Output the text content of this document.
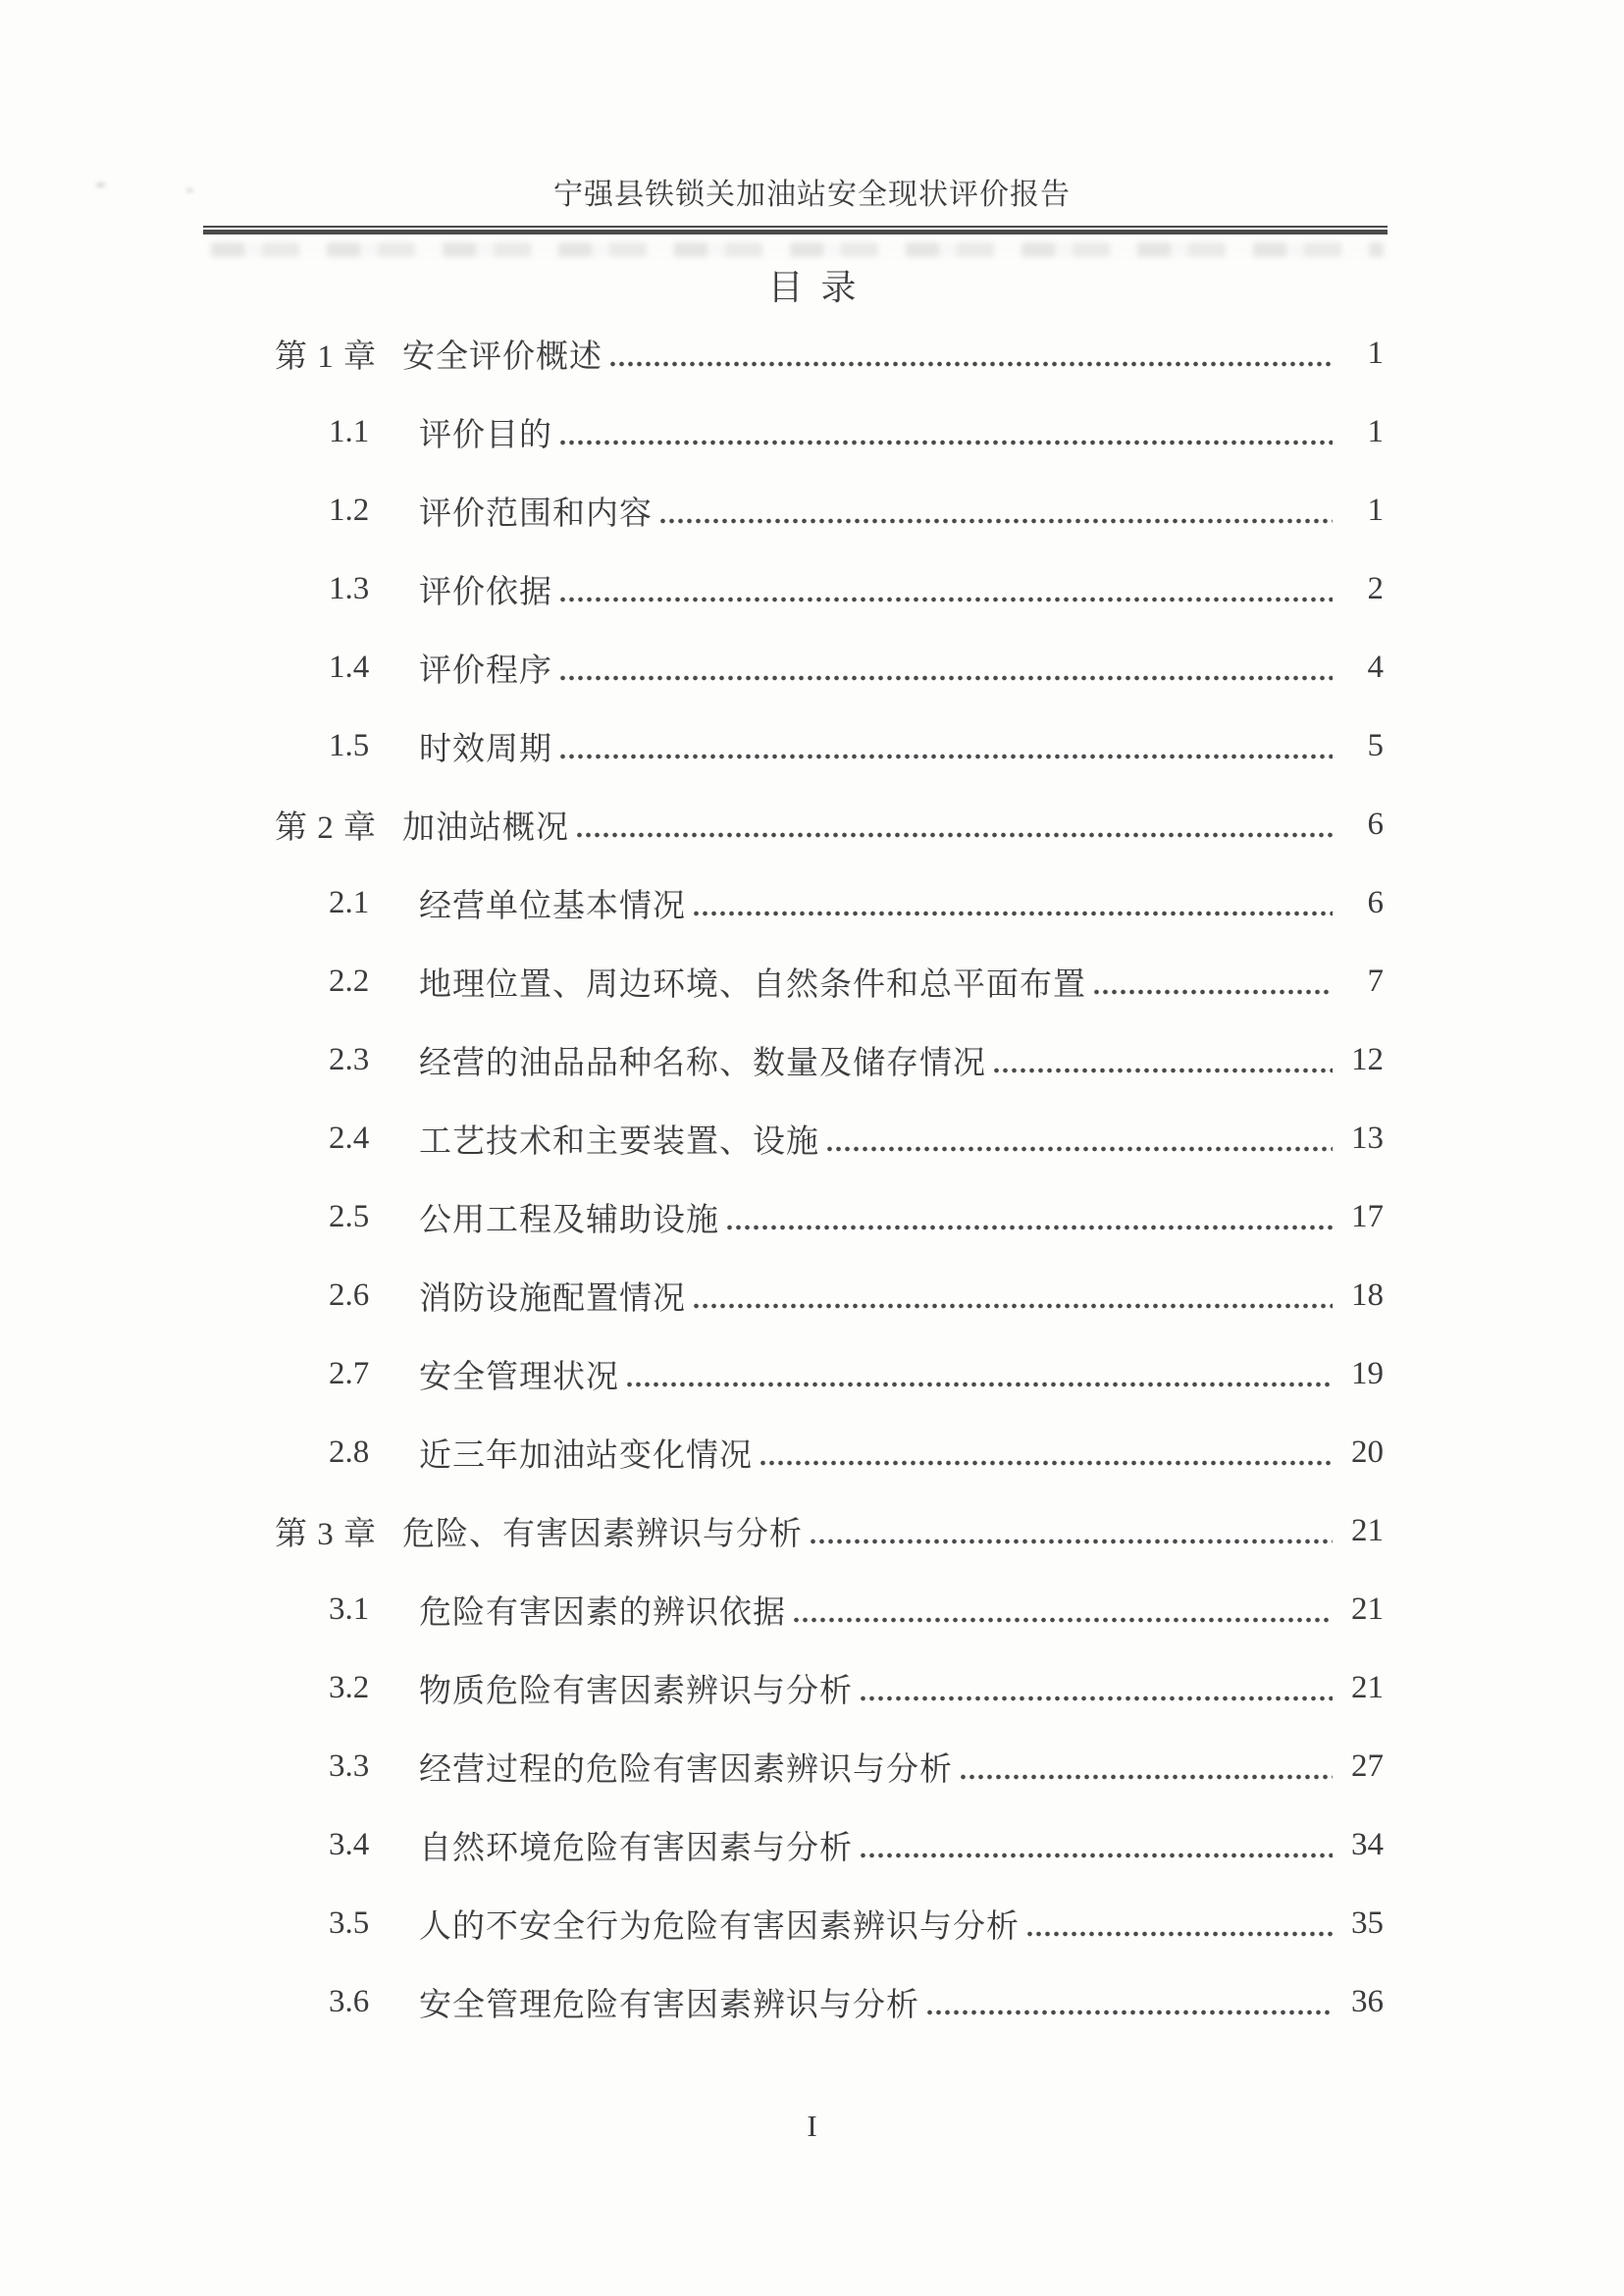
宁强县铁锁关加油站安全现状评价报告
目  录
第 1 章 安全评价概述	1
1.1	评价目的	1
1.2	评价范围和内容	1
1.3	评价依据	2
1.4	评价程序	4
1.5	时效周期	5
第 2 章 加油站概况	6
2.1	经营单位基本情况	6
2.2	地理位置、周边环境、自然条件和总平面布置	7
2.3	经营的油品品种名称、数量及储存情况	12
2.4	工艺技术和主要装置、设施	13
2.5	公用工程及辅助设施	17
2.6	消防设施配置情况	18
2.7	安全管理状况	19
2.8	近三年加油站变化情况	20
第 3 章 危险、有害因素辨识与分析	21
3.1	危险有害因素的辨识依据	21
3.2	物质危险有害因素辨识与分析	21
3.3	经营过程的危险有害因素辨识与分析	27
3.4	自然环境危险有害因素与分析	34
3.5	人的不安全行为危险有害因素辨识与分析	35
3.6	安全管理危险有害因素辨识与分析	36
I
